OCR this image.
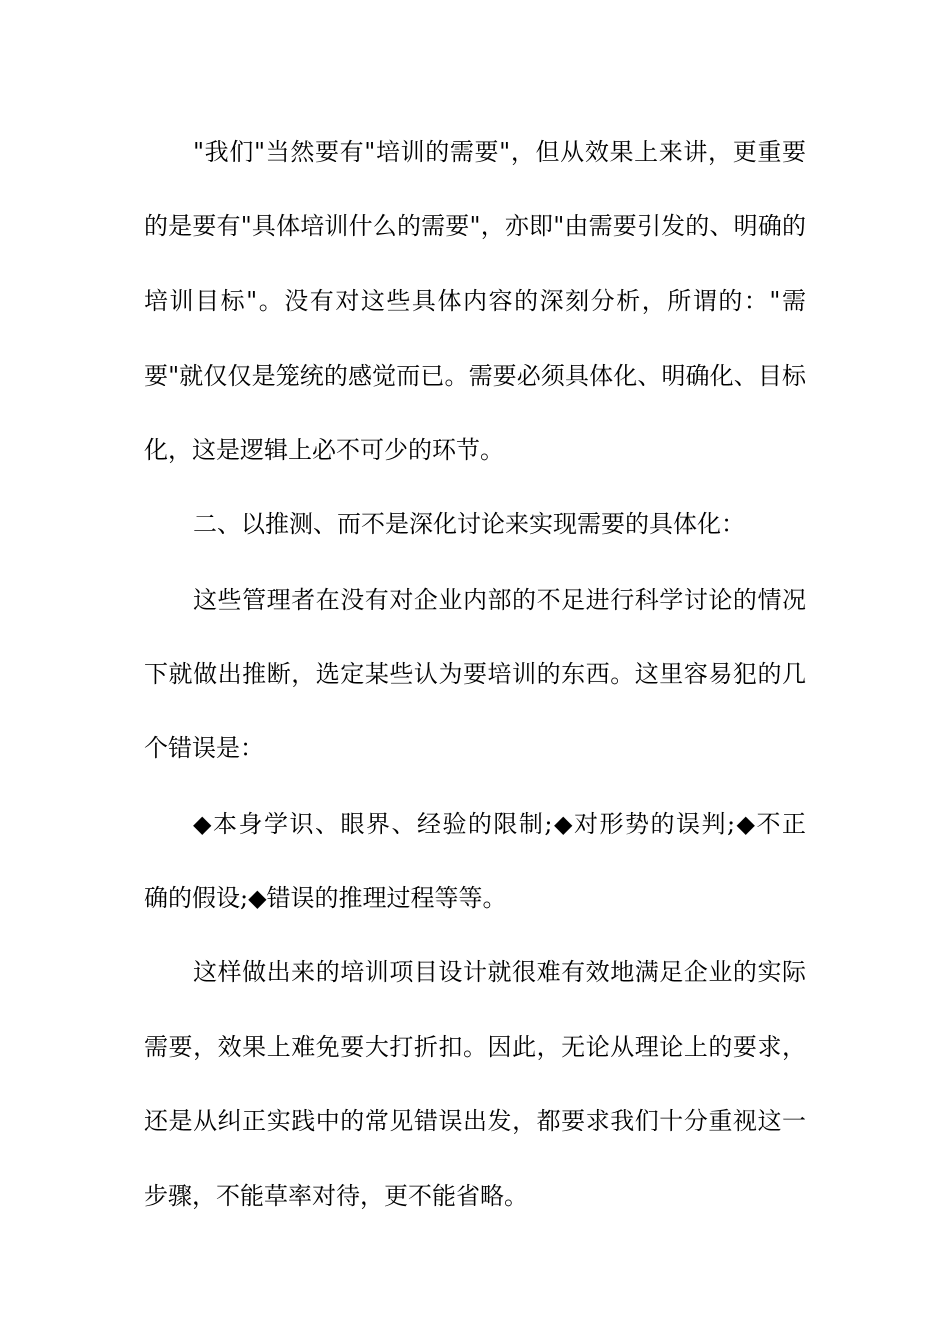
"我们"当然要有"培训的需要"，但从效果上来讲，更重要
的是要有"具体培训什么的需要"，亦即"由需要引发的、明确的
培训目标"。没有对这些具体内容的深刻分析，所谓的："需
要"就仅仅是笼统的感觉而已。需要必须具体化、明确化、目标
化，这是逻辑上必不可少的环节。
二、以推测、而不是深化讨论来实现需要的具体化：
这些管理者在没有对企业内部的不足进行科学讨论的情况
下就做出推断，选定某些认为要培训的东西。这里容易犯的几
个错误是：
◆本身学识、眼界、经验的限制;◆对形势的误判;◆不正
确的假设;◆错误的推理过程等等。
这样做出来的培训项目设计就很难有效地满足企业的实际
需要，效果上难免要大打折扣。因此，无论从理论上的要求，
还是从纠正实践中的常见错误出发，都要求我们十分重视这一
步骤，不能草率对待，更不能省略。
